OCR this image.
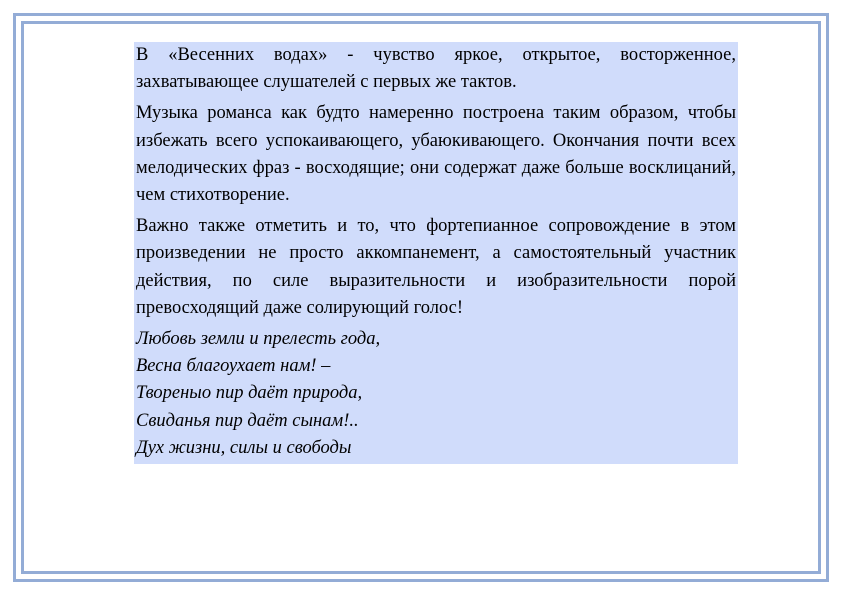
В «Весенних водах» - чувство яркое, открытое, восторженное, захватывающее слушателей с первых же тактов.

Музыка романса как будто намеренно построена таким образом, чтобы избежать всего успокаивающего, убаюкивающего. Окончания почти всех мелодических фраз - восходящие; они содержат даже больше восклицаний, чем стихотворение.

Важно также отметить и то, что фортепианное сопровождение в этом произведении не просто аккомпанемент, а самостоятельный участник действия, по силе выразительности и изобразительности порой превосходящий даже солирующий голос!

Любовь земли и прелесть года,
Весна благоухает нам! –
Твореныо пир даёт природа,
Свиданья пир даёт сынам!..
Дух жизни, силы и свободы
